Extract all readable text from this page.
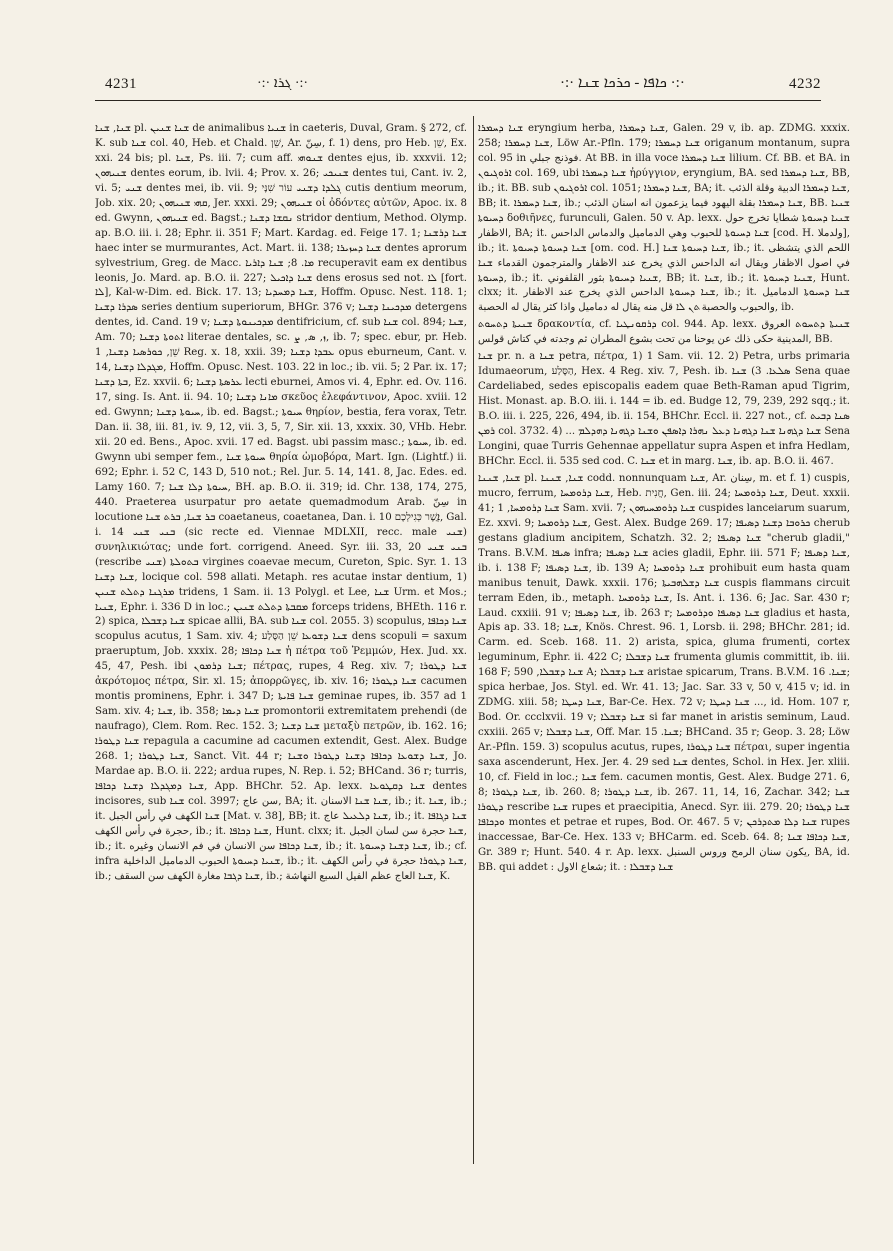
4231	·:· ܓܪܐ ·:·	·:· ܟܐܦܐ - ܟܪܟܐ ܫܢܐ ·:·	4232

ܫܢܐ, ܫܢܐ pl. ܫܢܐ ܫܢܝܢ de animalibus ܫܢܝܐ in caeteris, Duval, Gram. § 272, cf. K. sub ܫܢܐ col. 40, Heb. et Chald. שֵׁן, Ar. سِنّ, f. 1) dens, pro Heb. שֵׁן, Ex. xxi. 24 bis; pl. ܫܢܐ, Ps. iii. 7; cum aff. ܫܢܘܗܝ dentes ejus, ib. xxxvii. 12; ܫܢܝܗܘܢ dentes eorum, ib. lvii. 4; Prov. x. 26; ܫܢܝܟܝ dentes tui, Cant. iv. 2, vi. 5; ܫܢܝ dentes mei, ib. vii. 9; ܓܠܕܐ ܕܫܢܝ עוֹר שִׁנָּי cutis dentium meorum, Job. xix. 20; ܩܗܝ ܫܢܝܗܘܢ, Jer. xxxi. 29; ܫܢܝܗܘܢ οἱ ὀδόντες αὐτῶν, Apoc. ix. 8 ed. Gwynn, ܫܢܝܗܘܢ ed. Bagst.; ܢܩܫܐ ܕܫܢܐ stridor dentium, Method. Olymp. ap. B.O. iii. i. 28; Ephr. ii. 351 F; Mart. Kardag. ed. Feige 17. 1; ܫܢܐ ܕܪܫܢܐ haec inter se murmurantes, Act. Mart. ii. 138; ܫܢܐ ܕܚܙܝܪܐ dentes aprorum sylvestrium, Greg. de Macc. ܡܐ. 8; ܫܢܐ ܕܐܪܝܐ recuperavit eam ex dentibus leonis, Jo. Mard. ap. B.O. ii. 227; ܫܢܐ ܕܐܟܝܠ dens erosus sed not. ܠܐ [fort. ܠܐ], Kal-w-Dim. ed. Bick. 17. 13; ܫܢܐ ܕܡܚܕܝܐ, Hoffm. Opusc. Nest. 118. 1; ܣܕܪܐ ܕܫܢܐ series dentium superiorum, BHGr. 376 v; ܡܕܟܝܢܐ ܕܫܢܐ detergens dentes, id. Cand. 19 v; ܡܕܟܝܢܘܬܐ ܕܫܢܐ dentifricium, cf. sub ܫܢܐ col. 894; ܫܢܐ, Am. 70; ܐܬܘܬܐ ܕܫܢܐ literae dentales, sc. ܙ, ܣ, ܨ, ib. 7; spec. ebur, pr. Heb. שֵׁן, ܟܘܪܣܝܐ ܕܫܢܐ, 1 Reg. x. 18, xxii. 39; ܥܒܕܐ ܕܫܢܐ opus eburneum, Cant. v. 14, ܡܓܕܠܐ ܕܫܢܐ, Hoffm. Opusc. Nest. 103. 22 in loc.; ib. vii. 5; 2 Par. ix. 17; ܒܬܐ ܕܫܢܐ, Ez. xxvii. 6; ܥܪܣܬܐ ܕܫܢܐ lecti eburnei, Amos vi. 4, Ephr. ed. Ov. 116. 17, sing. Is. Ant. ii. 94. 10; ܡܐܢܐ ܕܫܢܐ σκεῦος ἐλεφάντινον, Apoc. xviii. 12 ed. Gwynn; ܚܝܘܬܐ ܕܫܢܐ, ib. ed. Bagst.; ܚܝܘܬܐ θηρίον, bestia, fera vorax, Tetr. Dan. ii. 38, iii. 81, iv. 9, 12, vii. 3, 5, 7, Sir. xii. 13, xxxix. 30, VHb. Hebr. xii. 20 ed. Bens., Apoc. xvii. 17 ed. Bagst. ubi passim masc.; ܚܝܘܬܐ, ib. ed. Gwynn ubi semper fem., ܚܝܘܬܐ ܫܢܐ θηρία ὠμοβόρα, Mart. Ign. (Lightf.) ii. 692; Ephr. i. 52 C, 143 D, 510 not.; Rel. Jur. 5. 14, 141. 8, Jac. Edes. ed. Lamy 160. 7; ܚܝܘܬܐ ܕܠܐ ܫܢܐ, BH. ap. B.O. ii. 319; id. Chr. 138, 174, 275, 440. Praeterea usurpatur pro aetate quemadmodum Arab. سِنّ in locutione ܒܪ ܫܢܐ, ܒܪܬ ܫܢܐ coaetaneus, coaetanea, Dan. i. 10 ܐֲשֶׁר כְּגִילְכֶם, Gal. i. 14 ܒܢܝ ܫܢܝ (sic recte ed. Viennae MDLXII, recc. male ܫܢܝ) συνηλικιώτας; unde fort. corrigend. Aneed. Syr. iii. 33, 20 ܒܢܝ ܫܢܝ (rescribe ܫܢܝ) ܒܬܘܠܬܐ virgines coaevae mecum, Cureton, Spic. Syr. 1. 13 ܫܢܐ ܕܫܢܐ, locique col. 598 allati. Metaph. res acutae instar dentium, 1) ܡܪܓܢܐ ܕܬܠܬ ܫܢܝܢ tridens, 1 Sam. ii. 13 Polygl. et Lee, ܫܢܐ Urm. et Mos.; ܫܢܝܐ, Ephr. i. 336 D in loc.; ܡܩܒܬܐ ܕܬܠܬ ܫܢܝܢ forceps tridens, BHEth. 116 r. 2) spica, ܫܢܐ ܕܫܒܠܐ spicae allii, BA. sub ܫܢܐ col. 2055. 3) scopulus, ܫܢܐ ܕܟܐܦܐ scopulus acutus, 1 Sam. xiv. 4; ܫܢܐ ܕܫܘܥܐ שֵׁן הַסֶּלַע dens scopuli = saxum praeruptum, Job. xxxix. 28; ܫܢܐ ܕܟܐܦܐ ἡ πέτρα τοῦ Ῥεμμών, Hex. Jud. xx. 45, 47, Pesh. ibi ܫܢܐ ܕܪܡܘܢ; πέτρας, rupes, 4 Reg. xiv. 7; ܫܢܐ ܕܛܘܪܐ ἀκρότομος πέτρα, Sir. xl. 15; ἀπορρῶγες, ib. xiv. 16; ܫܢܐ ܕܛܘܪܐ cacumen montis prominens, Ephr. i. 347 D; ܫܢܐ ܦܐܝܬܐ geminae rupes, ib. 357 ad 1 Sam. xiv. 4; ܫܢܐ, ib. 358; ܫܢܐ ܕܝܡܐ promontorii extremitatem prehendi (de naufrago), Clem. Rom. Rec. 152. 3; ܫܢܐ ܕܫܢܐ μεταξὺ πετρῶν, ib. 162. 16; ܫܢܐ ܕܛܘܪܐ repagula a cacumine ad cacumen extendit, Gest. Alex. Budge 268. 1; ܫܢܐ ܕܛܘܪܐ, Sanct. Vit. 44 r; ܫܢܐ ܕܫܘܥܐ ܕܟܐܦܐ ܕܫܢܐ ܕܛܘܪܐ ܘܫܢܐ, Jo. Mardae ap. B.O. ii. 222; ardua rupes, N. Rep. i. 52; BHCand. 36 r; turris, ܫܢܐ ܕܡܓܕܠܐ ܕܫܢܐ ܕܟܐܦܐ, App. BHChr. 52. Ap. lexx. ܫܢܐ ܕܩܛܘܥܐ dentes incisores, sub ܫܢܐ col. 3997; سن عاج, BA; it. ܫܢܐ ܫܢܐ الاسنان, ib.; it. ܫܢܐ, ib.; it. ܫܢܐ الكهف في رأس الجبل [Mat. v. 38], BB; it. ܫܢܐ ܕܠܥܝܠ عاج, ib.; it. ܫܢܐ ܕܓܐܦܐ حجرة في رأس الكهف, ib.; it. ܫܢܐ ܕܟܐܦܐ, Hunt. clxx; it. ܫܢܐ حجرة سن لسان الجبل, ib.; it. ܫܢܐ ܕܟܐܦܐ سن الانسان في فم الانسان وغيره, ib.; it. ܫܢܐ ܕܫܢܐ ܕܚܝܘܬܐ, ib.; cf. infra ܫܢܝܐ ܕܚܝܘܬܐ الحبوب الدماميل الداخلية, ib.; it. ܫܢܐ ܕܛܘܪܐ حجرة في رأس الكهف, ib.; ܫܢܐ ܕܓܒܐ مغارة الكهف سن السقف, ib.; ܫܢܐ العاج عظم الفيل السبع النهاشة, K.

ܫܢܐ ܕܚܡܪܐ eryngium herba, ܫܢܐ ܕܚܡܪܐ, Galen. 29 v, ib. ap. ZDMG. xxxix. 258; ܫܢܐ ܕܚܡܪܐ, Löw Ar.-Pfln. 179; ܫܢܐ ܕܚܡܪܐ origanum montanum, supra col. 95 in فوذنج جبلي. At BB. in illa voce ܫܢܐ ܕܚܡܪܐ lilium. Cf. BB. et BA. in ܐܪܘܓܝܘܢ col. 169, ubi ܫܢܐ ܕܚܡܪܐ ἠρύγγιον, eryngium, BA. sed ܫܢܐ ܕܚܡܪܐ, BB, ib.; it. BB. sub ܐܪܘܓܝܘܢ col. 1051; ܫܢܐ ܕܚܡܪܐ, BA; it. ܫܢܐ ܕܚܡܪܐ الدبية وقلة الذئب, BB; it. ܫܢܐ ܕܚܡܪܐ, ib.; ܫܢܐ ܕܚܡܪܐ بقلة اليهود فيما يزعمون انه اسنان الذئب, BB. ܫܢܝܐ ܕܚܝܘܬܐ δοθιῆνες, furunculi, Galen. 50 v. Ap. lexx. ܫܢܝܐ ܕܚܝܘܬܐ شطايا تخرج حول الاظفار, BA; it. ܫܢܐ ܕܚܝܘܬܐ للحبوب وهي الدماميل والدماس الداحس [cod. H. ولدملا], ib.; it. ܫܢܐ ܕܚܝܘܬܐ ܕܚܝܘܬܐ [om. cod. H.] ܫܢܐ ܕܚܝܘܬܐ ܫܢܐ, ib.; it. اللحم الذي يتشظى في اصول الاظفار ويقال انه الداحس الذي يخرج عند الاظفار والمترجمون القدماء ܫܢܐ ܕܚܝܘܬܐ, ib.; it. ܫܢܝܐ ܕܚܝܘܬܐ بثور القلفوني, BB; it. ܫܢܐ, ib.; it. ܫܢܝܐ ܕܚܝܘܬܐ, Hunt. clxx; it. ܫܢܐ ܕܚܝܘܬܐ الداحس الذي يخرج عند الاظفار, ib.; it. ܫܢܐ ܕܚܝܘܬܐ الدماميل والحبوب والحصبة ܬܢ ܠܐ قل منه يقال له دماميل واذا كثر يقال له الحصبة, ib.

ܫܢܝܬܐ ܕܬܚܘܬ δρακοντία, cf. ܕܪܩܘܢܛܝܐ col. 944. Ap. lexx. ܫܢܝܬܐ ܕܬܚܘܬ العروق المدينية حكى ذلك عن يوحنا من تحت بشوع المطران ثم وجدته في كتاش قولس, BB.

ܫܢܐ pr. n. a ܫܢܐ petra, πέτρα, 1) 1 Sam. vii. 12. 2) Petra, urbs primaria Idumaeorum, הַסֶּלַע, Hex. 4 Reg. xiv. 7, Pesh. ib. ܣܠܥܐ. 3) ܫܢܐ Sena quae Cardeliabed, sedes episcopalis eadem quae Beth-Raman apud Tigrim, Hist. Monast. ap. B.O. iii. i. 144 = ib. ed. Budge 12, 79, 239, 292 sqq.; it. B.O. iii. i. 225, 226, 494, ib. ii. 154, BHChr. Eccl. ii. 227 not., cf. ܣܢܐ ܕܒܝܬ ܪܡܢ col. 3732. 4) ... ܫܢܐ ܕܓܗܢܐ ܫܢܐ ܕܓܗܢܐ ܕܥܠ ܢܗܪܐ ܕܐܣܦܢ ܘܫܢܐ ܕܓܗܢܐ ܕܗܕܠܡ Sena Longini, quae Turris Gehennae appellatur supra Aspen et infra Hedlam, BHChr. Eccl. ii. 535 sed cod. C. ܫܢܐ et in marg. ܫܢܐ, ib. ap. B.O. ii. 467.

ܫܢܐ, ܫܢܢܐ pl. ܫܢܐ, ܫܢܢܐ codd. nonnunquam ܫܢܐ, Ar. سِنان, m. et f. 1) cuspis, mucro, ferrum, ܫܢܐ ܕܪܘܡܚܐ, Heb. חֲנִית, Gen. iii. 24; ܫܢܐ ܕܪܘܡܚܐ, Deut. xxxii. 41; ܫܢܐ ܕܪܘܡܚܐ, 1 Sam. xvii. 7; ܫܢܐ ܕܪܘܡܚܝܗܘܢ cuspides lanceiarum suarum, Ez. xxvi. 9; ܫܢܐ ܕܪܘܡܚܐ, Gest. Alex. Budge 269. 17; ܟܪܘܒܐ ܕܫܢܐ ܕܣܝܦܐ cherub gestans gladium ancipitem, Schatzh. 32. 2; ܫܢܐ ܕܣܝܦܐ "cherub gladii," Trans. B.V.M. ܣܝܦܐ infra; ܫܢܐ ܕܣܝܦܐ acies gladii, Ephr. iii. 571 F; ܫܢܐ ܕܣܝܦܐ, ib. i. 138 F; ܫܢܐ ܕܣܝܦܐ, ib. 139 A; ܫܢܐ ܕܪܘܡܚܐ prohibuit eum hasta quam manibus tenuit, Dawk. xxxii. 176; ܫܢܐ ܕܫܠܗܒܝܬܐ cuspis flammans circuit terram Eden, ib., metaph. ܫܢܐ ܕܪܘܡܚܐ, Is. Ant. i. 136. 6; Jac. Sar. 430 r; Laud. cxxiii. 91 v; ܫܢܐ ܕܣܝܦܐ, ib. 263 r; ܫܢܐ ܕܣܝܦܐ ܘܕܪܘܡܚܐ gladius et hasta, Apis ap. 33. 18; ܫܢܐ, Knös. Chrest. 96. 1, Lorsb. ii. 298; BHChr. 281; id. Carm. ed. Sceb. 168. 11. 2) arista, spica, gluma frumenti, cortex leguminum, Ephr. ii. 422 C; ܫܢܐ ܕܫܒܠܐ frumenta glumis committit, ib. iii. 168 F; ܫܢܐ ܕܫܒܠܐ, 590 A; ܫܢܐ ܕܫܒܠܐ aristae spicarum, Trans. B.V.M. ܫܢܐ. 16; spica herbae, Jos. Styl. ed. Wr. 41. 13; Jac. Sar. 33 v, 50 v, 415 v; id. in ZDMG. xiii. 58; ܫܢܐ ܕܚܛܐ, Bar-Ce. Hex. 72 v; ܫܢܐ ܕܚܛܐ ..., id. Hom. 107 r, Bod. Or. ccclxvii. 19 v; ܫܢܐ ܕܫܒܠܐ si far manet in aristis seminum, Laud. cxxiii. 265 v; ܫܢܐ ܕܫܒܠܐ, Off. Mar. ܫܢܐ. 15; BHCand. 35 r; Geop. 3. 28; Löw Ar.-Pfln. 159. 3) scopulus acutus, rupes, ܫܢܐ ܕܛܘܪܐ πέτραι, super ingentia saxa ascenderunt, Hex. Jer. 4. 29 sed ܫܢܐ dentes, Schol. in Hex. Jer. xliii. 10, cf. Field in loc.; ܫܢܐ fem. cacumen montis, Gest. Alex. Budge 271. 6, 8; ܫܢܐ ܕܛܘܪܐ, ib. 260. 8; ܫܢܐ ܕܛܘܪܐ, ib. 267. 11, 14, 16, Zachar. 342; ܫܢܐ ܕܛܘܪܐ rescribe ܫܢܐ rupes et praecipitia, Anecd. Syr. iii. 279. 20; ܫܢܐ ܕܛܘܪܐ ܘܕܟܐܦܐ montes et petrae et rupes, Bod. Or. 467. 5 v; ܫܢܐ ܕܠܐ ܡܬܕܪܟܢ rupes inaccessae, Bar-Ce. Hex. 133 v; BHCarm. ed. Sceb. 64. 8; ܫܢܐ ܕܟܐܦܐ ܫܢܐ, Gr. 389 r; Hunt. 540. 4 r. Ap. lexx. يكون سنان الرمح وروس السنبل, BA, id. BB. qui addet : شعاع الاول; it. : ܫܢܐ ܕܫܒܠܐ
